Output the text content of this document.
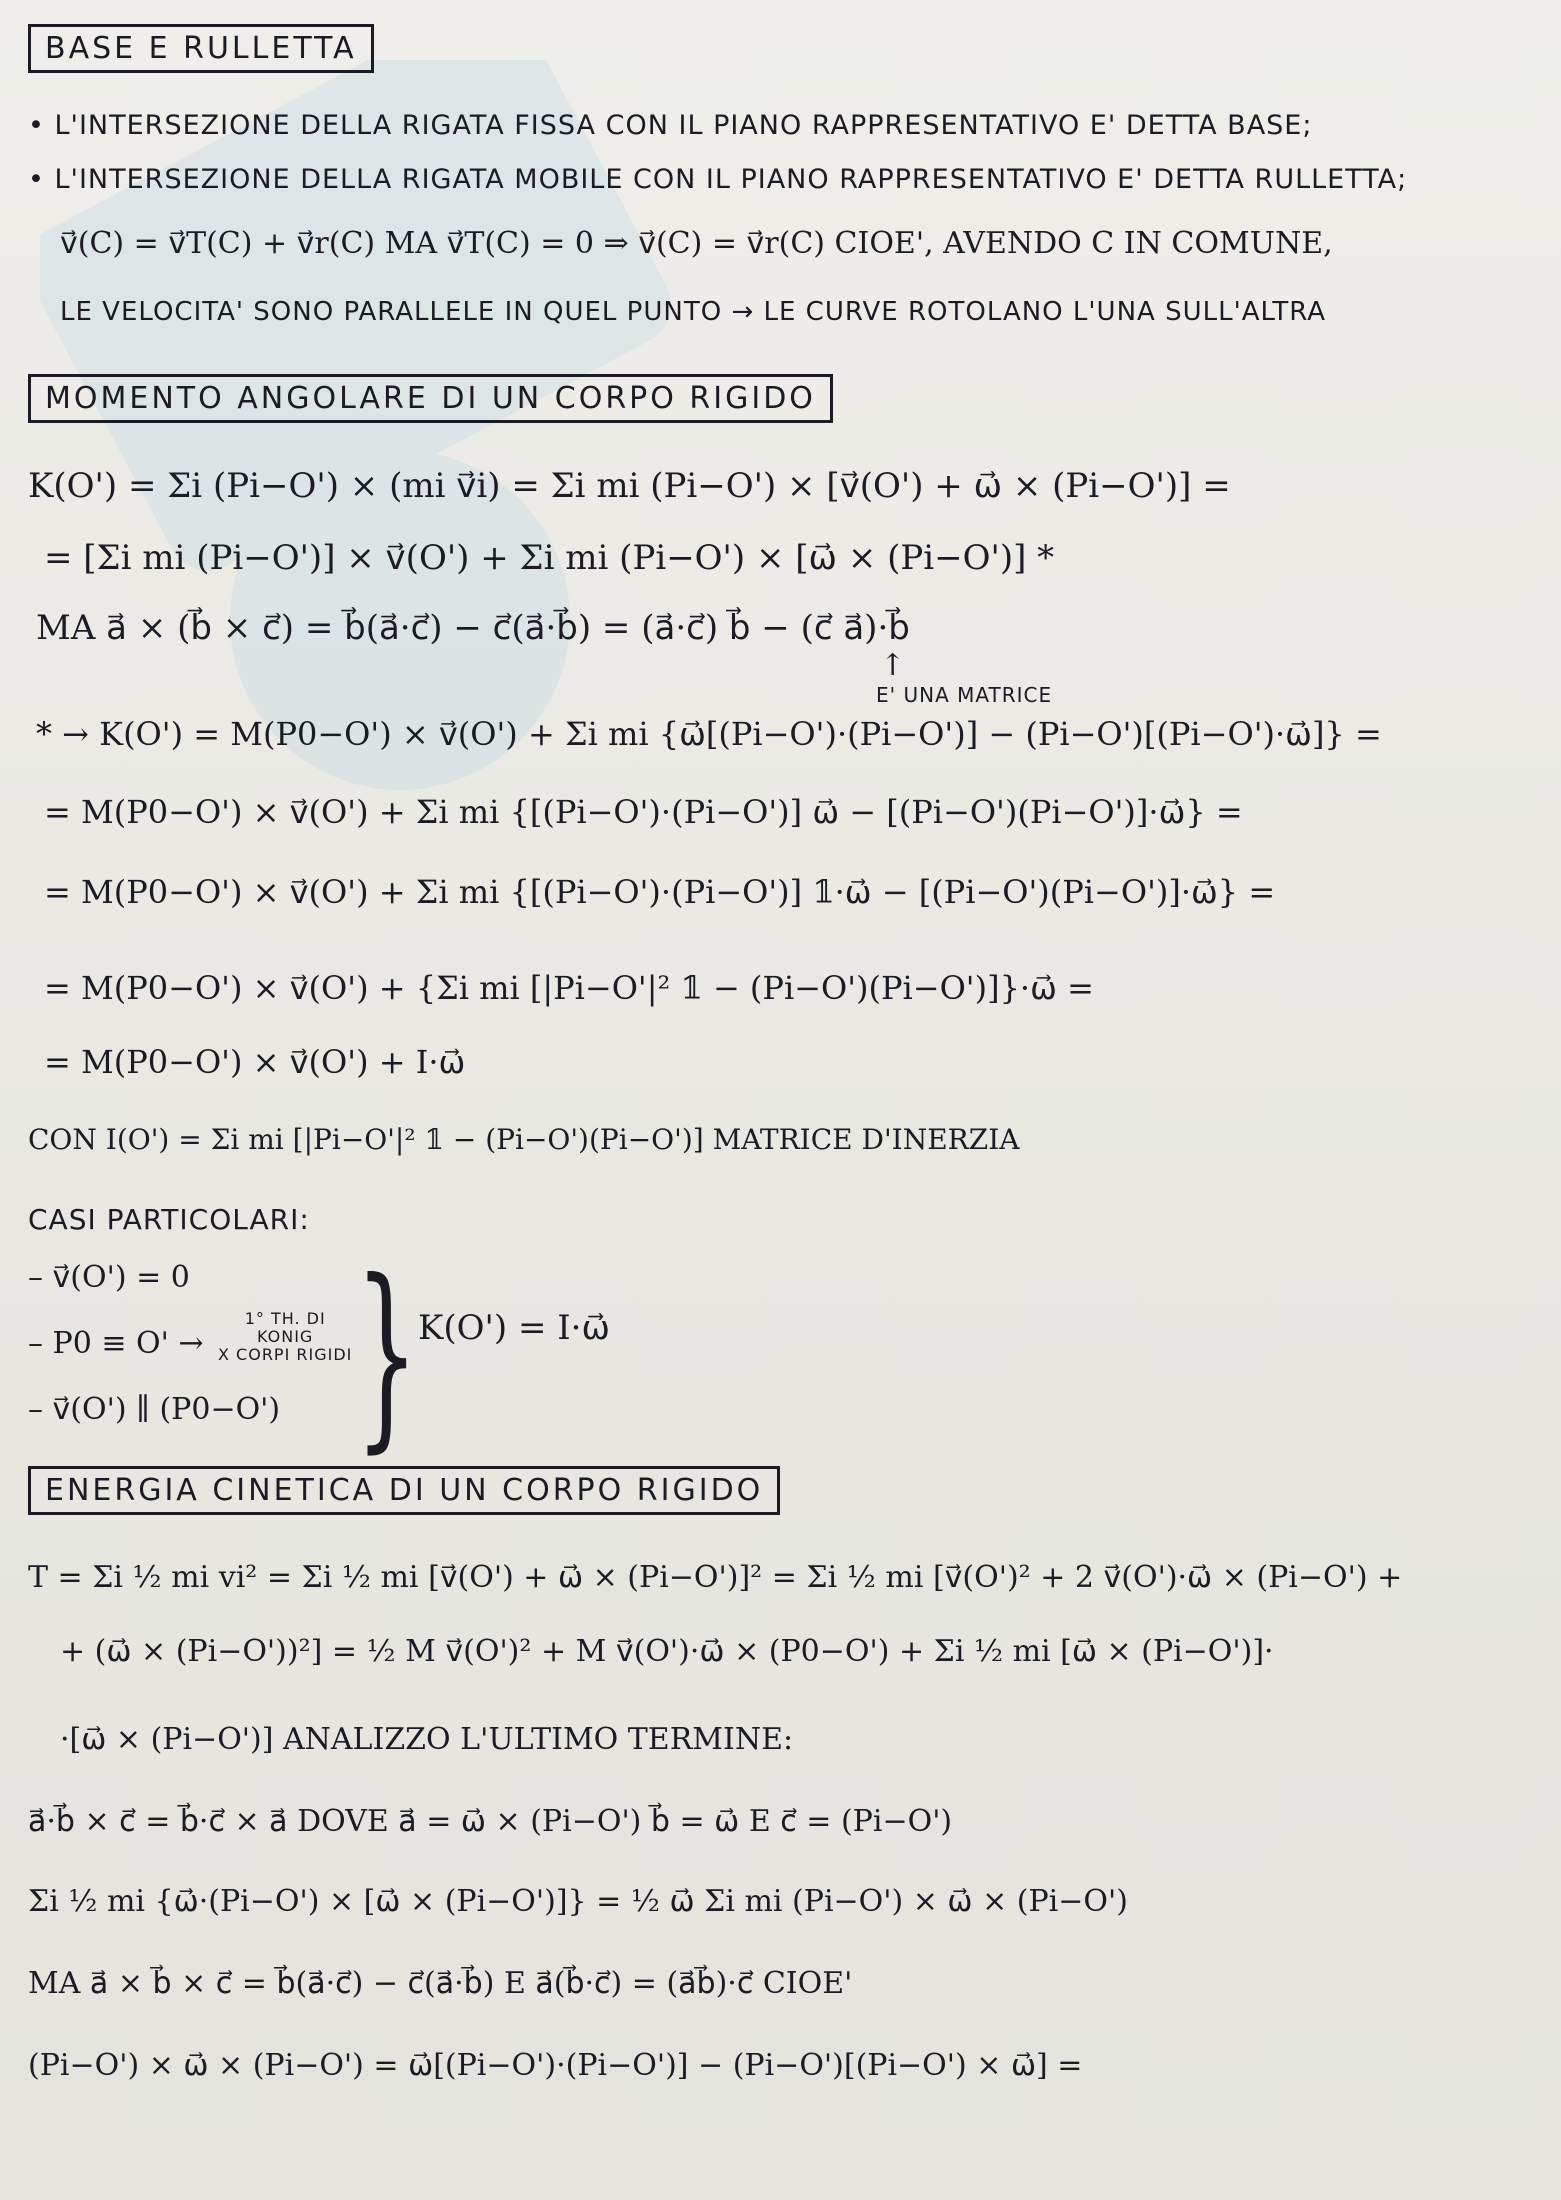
BASE E RULLETTA
• L'INTERSEZIONE DELLA RIGATA FISSA CON IL PIANO RAPPRESENTATIVO E' DETTA BASE;
• L'INTERSEZIONE DELLA RIGATA MOBILE CON IL PIANO RAPPRESENTATIVO E' DETTA RULLETTA;
v⃗(C) = v⃗T(C) + v⃗r(C) MA v⃗T(C) = 0 ⇒ v⃗(C) = v⃗r(C) CIOE', AVENDO C IN COMUNE,
LE VELOCITA' SONO PARALLELE IN QUEL PUNTO → LE CURVE ROTOLANO L'UNA SULL'ALTRA
MOMENTO ANGOLARE DI UN CORPO RIGIDO
K(O') = Σi (Pi−O') × (mi v⃗i) = Σi mi (Pi−O') × [v⃗(O') + ω⃗ × (Pi−O')] =
= [Σi mi (Pi−O')] × v⃗(O') + Σi mi (Pi−O') × [ω⃗ × (Pi−O')] *
MA a⃗ × (b⃗ × c⃗) = b⃗(a⃗·c⃗) − c⃗(a⃗·b⃗) = (a⃗·c⃗) b⃗ − (c⃗ a⃗)·b⃗
↑
E' UNA MATRICE
* → K(O') = M(P0−O') × v⃗(O') + Σi mi {ω⃗[(Pi−O')·(Pi−O')] − (Pi−O')[(Pi−O')·ω⃗]} =
= M(P0−O') × v⃗(O') + Σi mi {[(Pi−O')·(Pi−O')] ω⃗ − [(Pi−O')(Pi−O')]·ω⃗} =
= M(P0−O') × v⃗(O') + Σi mi {[(Pi−O')·(Pi−O')] 𝟙·ω⃗ − [(Pi−O')(Pi−O')]·ω⃗} =
= M(P0−O') × v⃗(O') + {Σi mi [|Pi−O'|² 𝟙 − (Pi−O')(Pi−O')]}·ω⃗ =
= M(P0−O') × v⃗(O') + I·ω⃗
CON I(O') = Σi mi [|Pi−O'|² 𝟙 − (Pi−O')(Pi−O')] MATRICE D'INERZIA
CASI PARTICOLARI:
– v⃗(O') = 0
– P0 ≡ O' →
– v⃗(O') ∥ (P0−O')
1° TH. DI
KONIG
X CORPI RIGIDI } K(O') = I·ω⃗
ENERGIA CINETICA DI UN CORPO RIGIDO
T = Σi ½ mi vi² = Σi ½ mi [v⃗(O') + ω⃗ × (Pi−O')]² = Σi ½ mi [v⃗(O')² + 2 v⃗(O')·ω⃗ × (Pi−O') +
+ (ω⃗ × (Pi−O'))²] = ½ M v⃗(O')² + M v⃗(O')·ω⃗ × (P0−O') + Σi ½ mi [ω⃗ × (Pi−O')]·
·[ω⃗ × (Pi−O')] ANALIZZO L'ULTIMO TERMINE:
a⃗·b⃗ × c⃗ = b⃗·c⃗ × a⃗ DOVE a⃗ = ω⃗ × (Pi−O') b⃗ = ω⃗ E c⃗ = (Pi−O')
Σi ½ mi {ω⃗·(Pi−O') × [ω⃗ × (Pi−O')]} = ½ ω⃗ Σi mi (Pi−O') × ω⃗ × (Pi−O')
MA a⃗ × b⃗ × c⃗ = b⃗(a⃗·c⃗) − c⃗(a⃗·b⃗) E a⃗(b⃗·c⃗) = (a⃗b⃗)·c⃗ CIOE'
(Pi−O') × ω⃗ × (Pi−O') = ω⃗[(Pi−O')·(Pi−O')] − (Pi−O')[(Pi−O') × ω⃗] =
